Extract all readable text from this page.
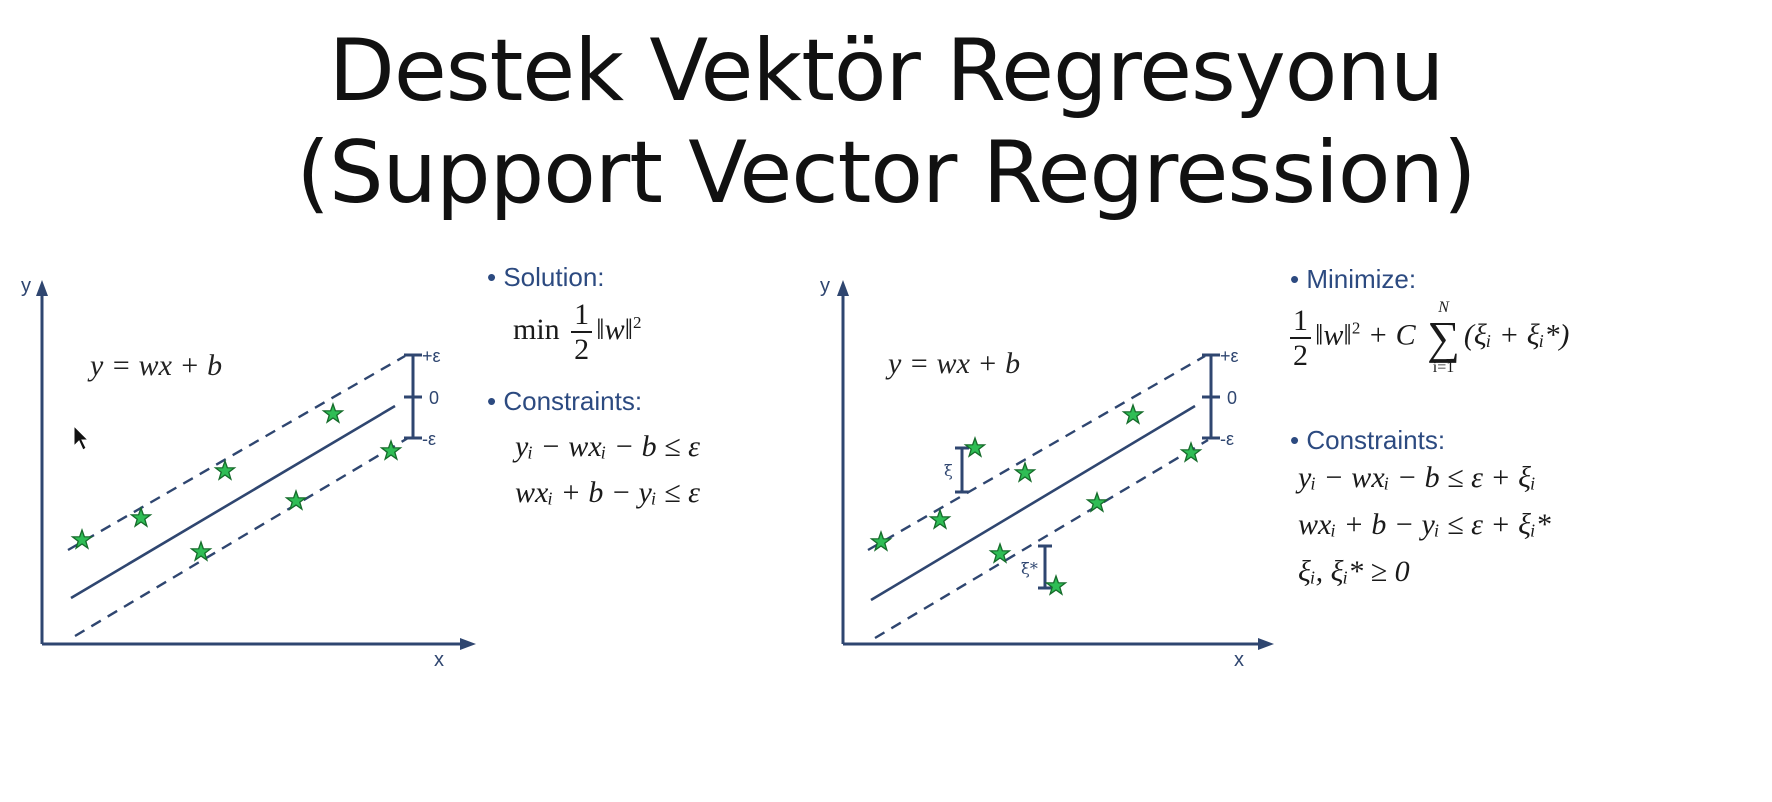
Destek Vektör Regresyonu
(Support Vector Regression)
y
x
y = wx + b	+ε
0
-ε
• Solution:
$\min \frac{1}{2}$ ‖w‖$^2$
• Constraints:
yᵢ − wxᵢ − b ≤ ε
wxᵢ + b − yᵢ ≤ ε
y
x
y = wx + b	+ε
0
-ε
ξ
ξ*
• Minimize:
$\frac{1}{2}$ ‖w‖$^2$ + C
N
∑
i=1
(ξᵢ + ξᵢ*)
• Constraints:
yᵢ − wxᵢ − b ≤ ε + ξᵢ
wxᵢ + b − yᵢ ≤ ε + ξᵢ*
ξᵢ, ξᵢ* ≥ 0
